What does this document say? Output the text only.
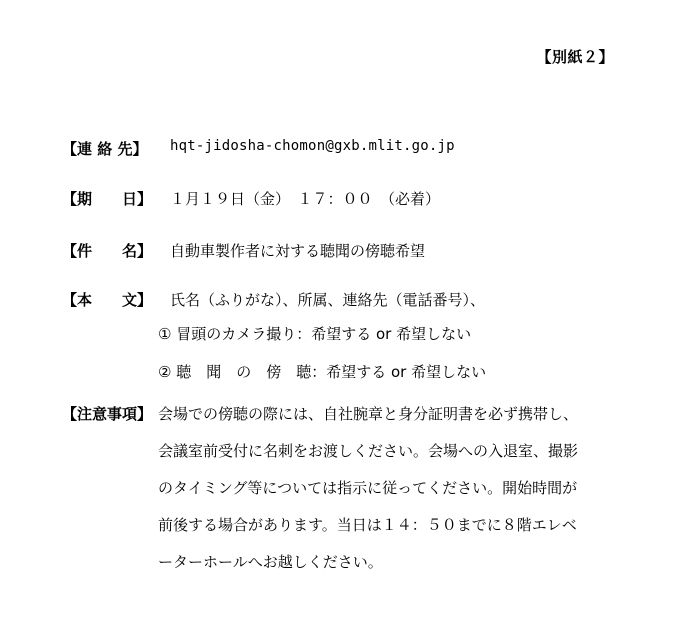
【別紙２】
【連 絡 先】	hqt-jidosha-chomon@gxb.mlit.go.jp
【期　　日】	１月１９日（金）　１７：００　（必着）
【件　　名】	自動車製作者に対する聴聞の傍聴希望
【本　　文】	氏名（ふりがな）、所属、連絡先（電話番号）、
① 冒頭のカメラ撮り：希望する or 希望しない
② 聴　聞　の　傍　聴：希望する or 希望しない
【注意事項】 会場での傍聴の際には、自社腕章と身分証明書を必ず携帯し、
会議室前受付に名刺をお渡しください。会場への入退室、撮影
のタイミング等については指示に従ってください。開始時間が
前後する場合があります。当日は１４：５０までに８階エレベ
ーターホールへお越しください。
